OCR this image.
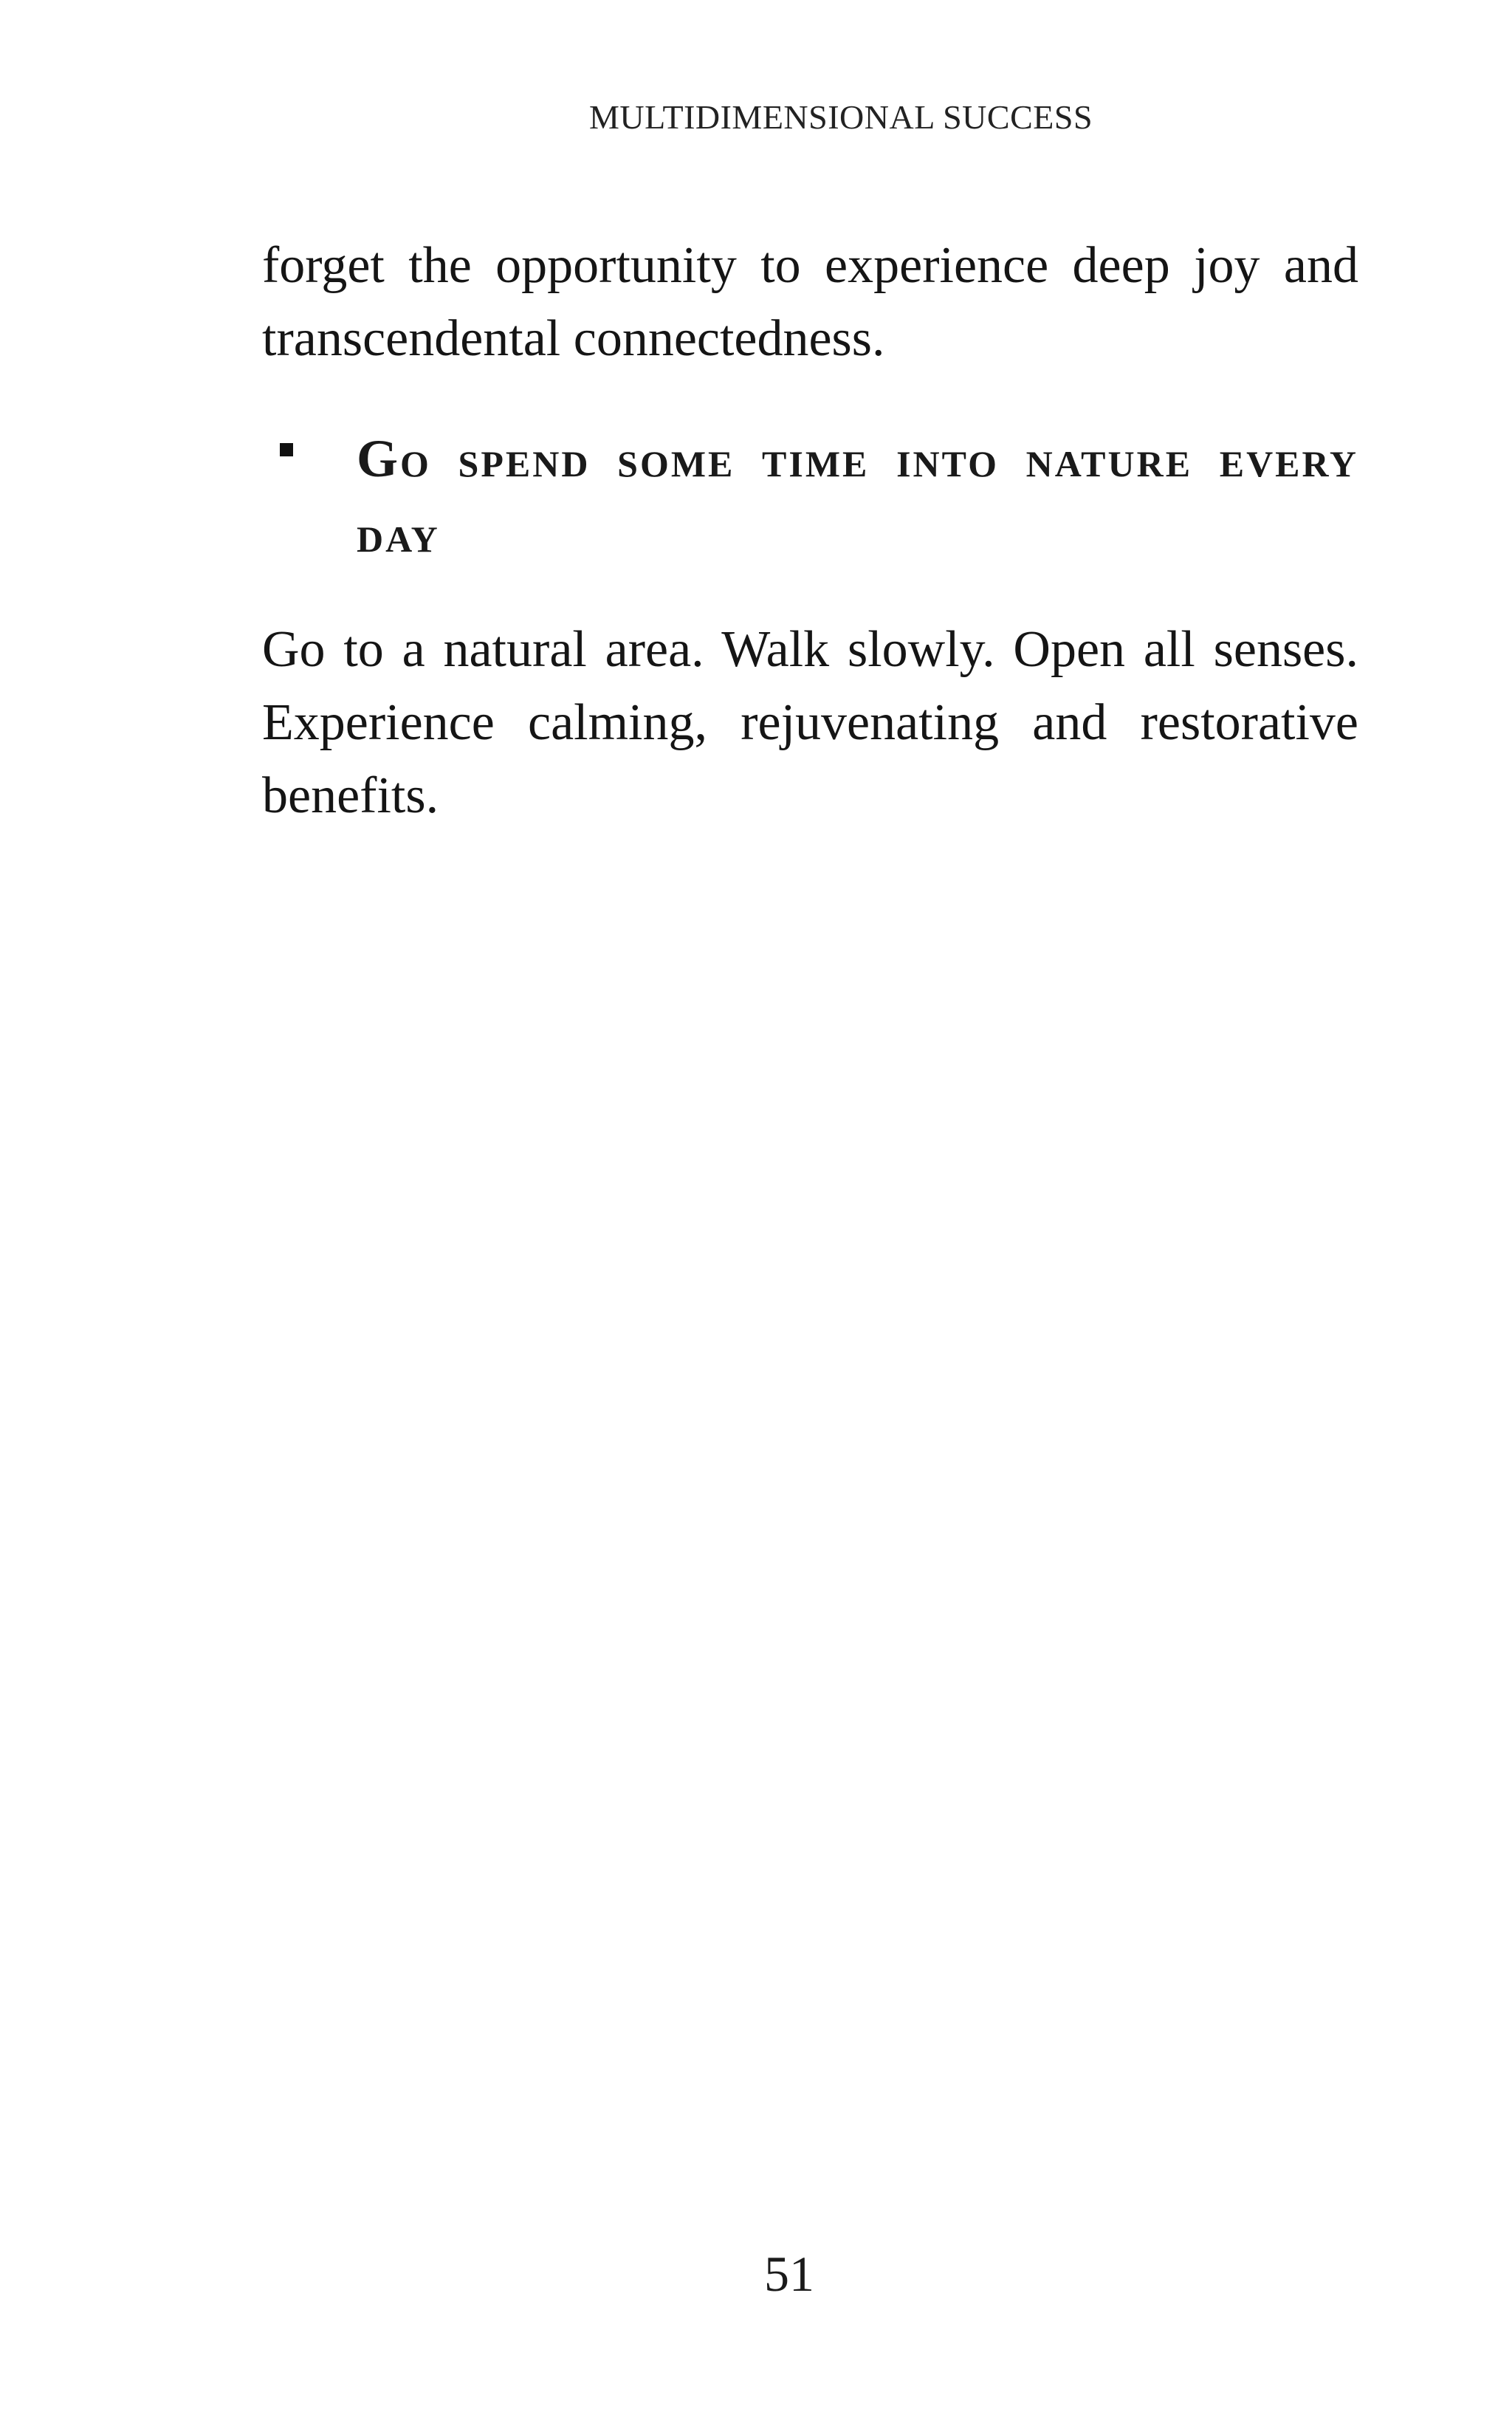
MULTIDIMENSIONAL SUCCESS

forget the opportunity to experience deep joy and transcendental connectedness.

Go spend some time into nature every day

Go to a natural area. Walk slowly. Open all senses. Experience calming, rejuvenating and restorative benefits.

51
